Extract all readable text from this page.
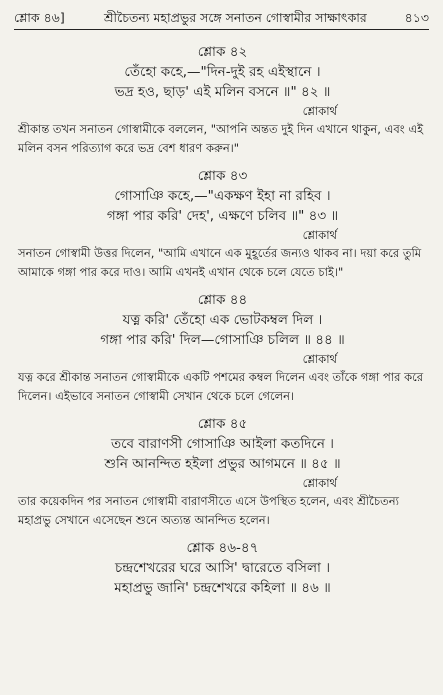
শ্লোক ৪৬]	শ্রীচৈতন্য মহাপ্রভুর সঙ্গে সনাতন গোস্বামীর সাক্ষাৎকার	৪১৩
শ্লোক ৪২
তেঁহো কহে,—"দিন-দুই রহ এইস্থানে ।
ভদ্র হও, ছাড়' এই মলিন বসনে ॥" ৪২ ॥
শ্লোকার্থ

শ্রীকান্ত তখন সনাতন গোস্বামীকে বললেন, "আপনি অন্তত দুই দিন এখানে থাকুন, এবং এই মলিন বসন পরিত্যাগ করে ভদ্র বেশ ধারণ করুন।"

শ্লোক ৪৩
গোসাঞি কহে,—"একক্ষণ ইহা না রহিব ।
গঙ্গা পার করি' দেহ', এক্ষণে চলিব ॥" ৪৩ ॥
শ্লোকার্থ

সনাতন গোস্বামী উত্তর দিলেন, "আমি এখানে এক মুহূর্তের জন্যও থাকব না। দয়া করে তুমি আমাকে গঙ্গা পার করে দাও। আমি এখনই এখান থেকে চলে যেতে চাই।"

শ্লোক ৪৪
যত্ন করি' তেঁহো এক ভোটকম্বল দিল ।
গঙ্গা পার করি' দিল—গোসাঞি চলিল ॥ ৪৪ ॥
শ্লোকার্থ

যত্ন করে শ্রীকান্ত সনাতন গোস্বামীকে একটি পশমের কম্বল দিলেন এবং তাঁকে গঙ্গা পার করে দিলেন। এইভাবে সনাতন গোস্বামী সেখান থেকে চলে গেলেন।

শ্লোক ৪৫
তবে বারাণসী গোসাঞি আইলা কতদিনে ।
শুনি আনন্দিত হইলা প্রভুর আগমনে ॥ ৪৫ ॥
শ্লোকার্থ

তার কয়েকদিন পর সনাতন গোস্বামী বারাণসীতে এসে উপস্থিত হলেন, এবং শ্রীচৈতন্য মহাপ্রভু সেখানে এসেছেন শুনে অত্যন্ত আনন্দিত হলেন।

শ্লোক ৪৬-৪৭
চন্দ্রশেখরের ঘরে আসি' দ্বারেতে বসিলা ।
মহাপ্রভু জানি' চন্দ্রশেখরে কহিলা ॥ ৪৬ ॥
